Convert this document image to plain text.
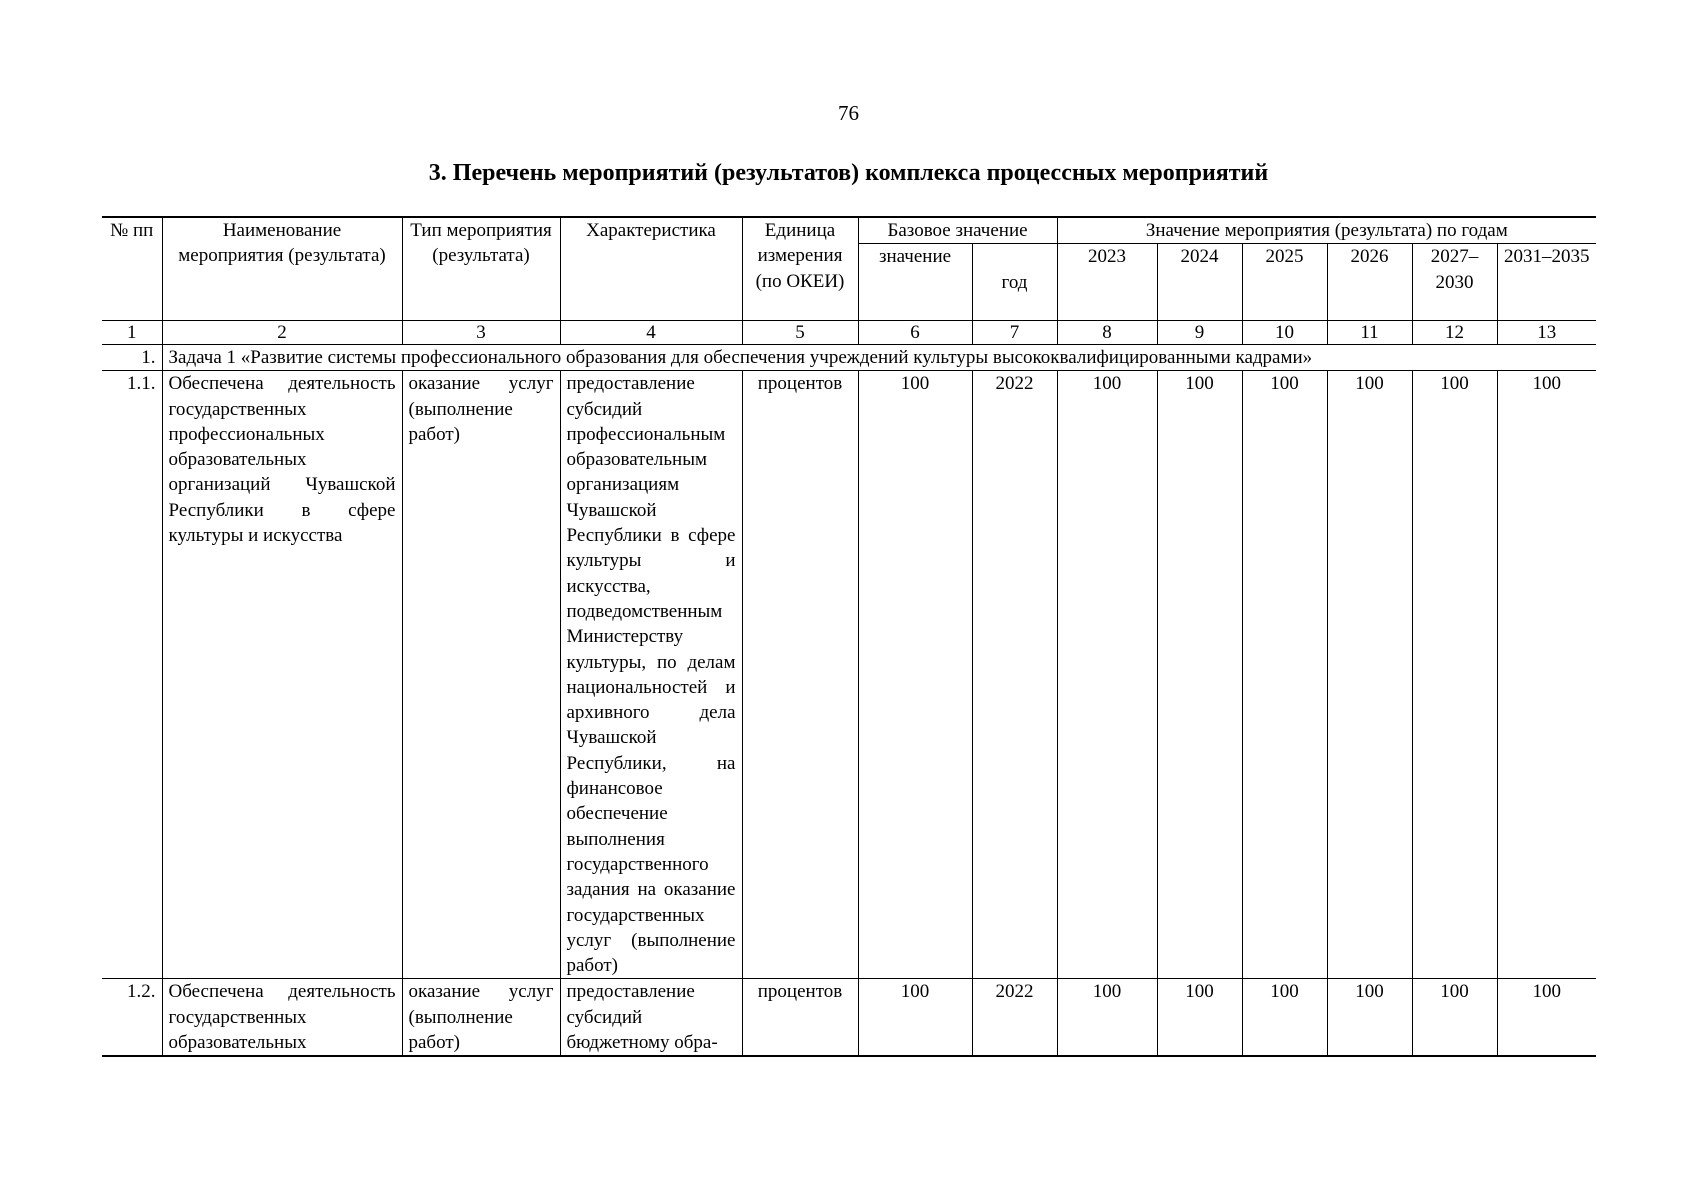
76
3. Перечень мероприятий (результатов) комплекса процессных мероприятий
№ пп	Наименование мероприятия (результата)	Тип мероприятия (результата)	Характеристика	Единица измерения (по ОКЕИ)	Базовое значение		Значение мероприятия (результата) по годам					
					значение	год	2023	2024	2025	2026	2027–2030	2031–2035
1	2	3	4	5	6	7	8	9	10	11	12	13
1.	Задача 1 «Развитие системы профессионального образования для обеспечения учреждений культуры высококвалифицированными кадрами»											
1.1.	Обеспечена деятельность государственных профессиональных образовательных организаций Чувашской Республики в сфере культуры и искусства	оказание услуг (выполнение работ)	предоставление субсидий профессиональным образовательным организациям Чувашской Республики в сфере культуры и искусства, подведомственным Министерству культуры, по делам национальностей и архивного дела Чувашской Республики, на финансовое обеспечение выполнения государственного задания на оказание государственных услуг (выполнение работ)	процентов	100	2022	100	100	100	100	100	100
1.2.	Обеспечена деятельность государственных образовательных	оказание услуг (выполнение работ)	предоставление субсидий бюджетному обра-	процентов	100	2022	100	100	100	100	100	100
